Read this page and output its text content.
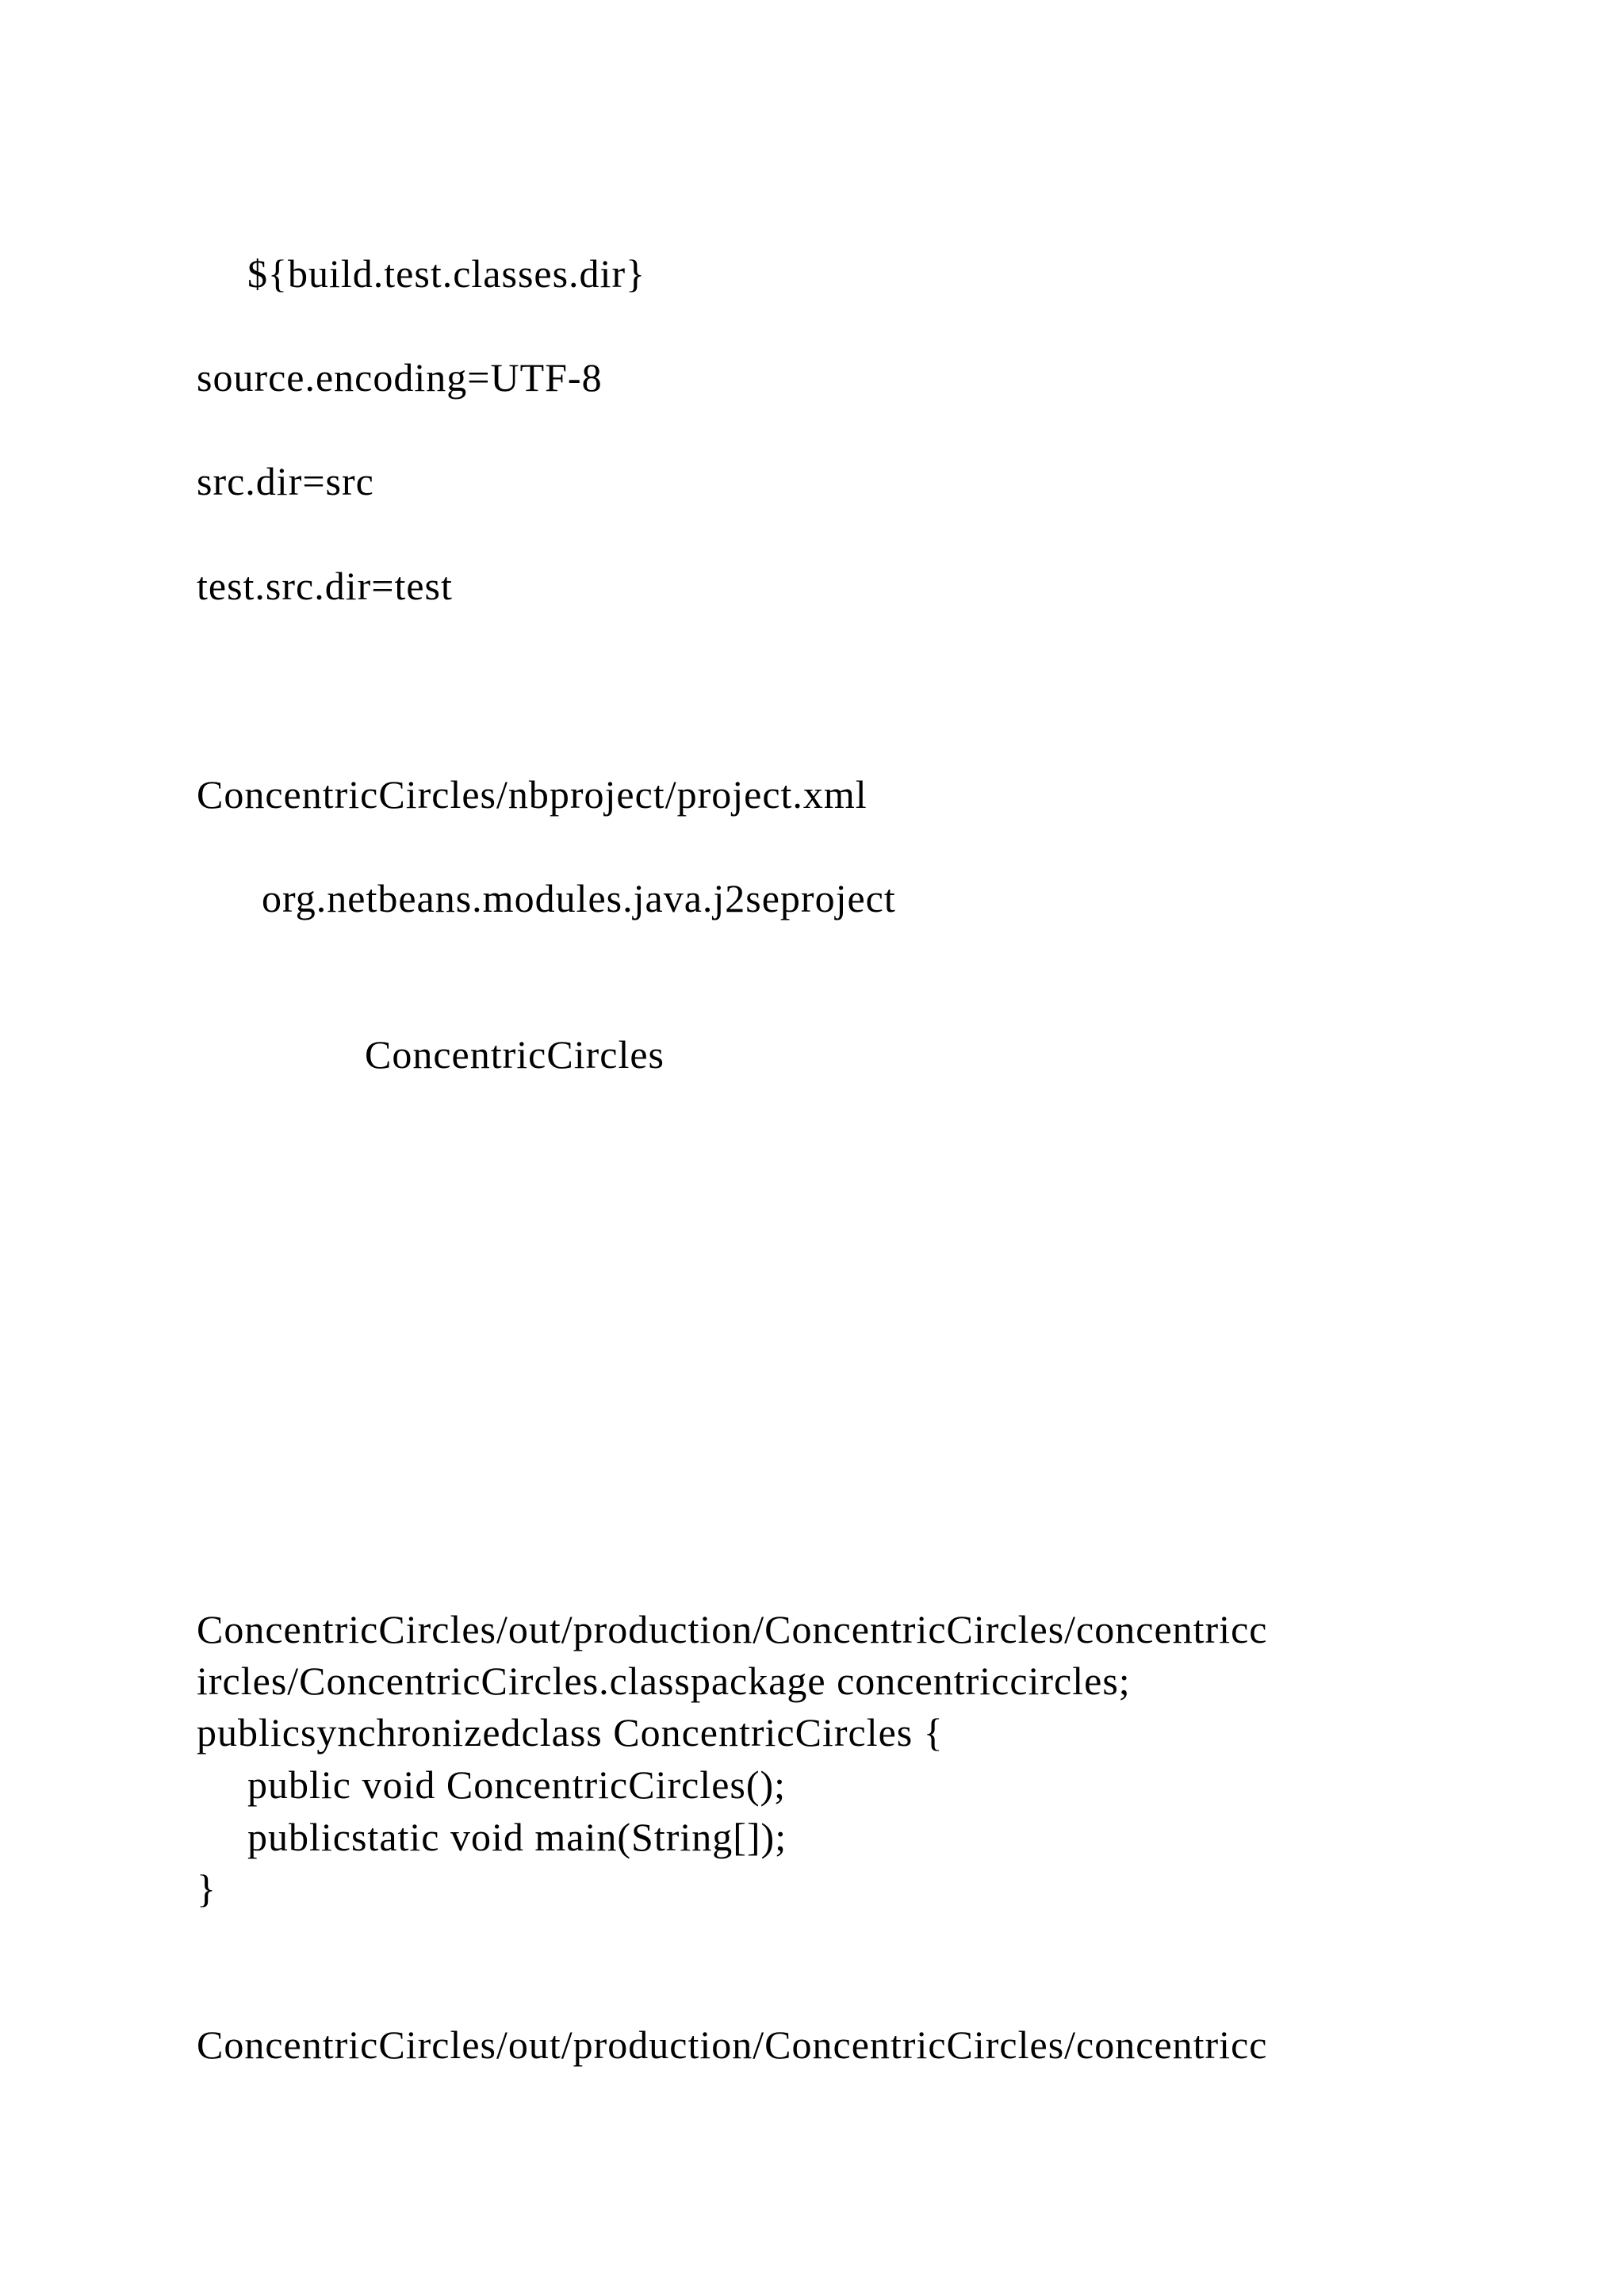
${build.test.classes.dir}
source.encoding=UTF-8
src.dir=src
test.src.dir=test
ConcentricCircles/nbproject/project.xml
org.netbeans.modules.java.j2seproject
ConcentricCircles
ConcentricCircles/out/production/ConcentricCircles/concentricc
ircles/ConcentricCircles.classpackage concentriccircles;
publicsynchronizedclass ConcentricCircles {
public void ConcentricCircles();
publicstatic void main(String[]);
}
ConcentricCircles/out/production/ConcentricCircles/concentricc
